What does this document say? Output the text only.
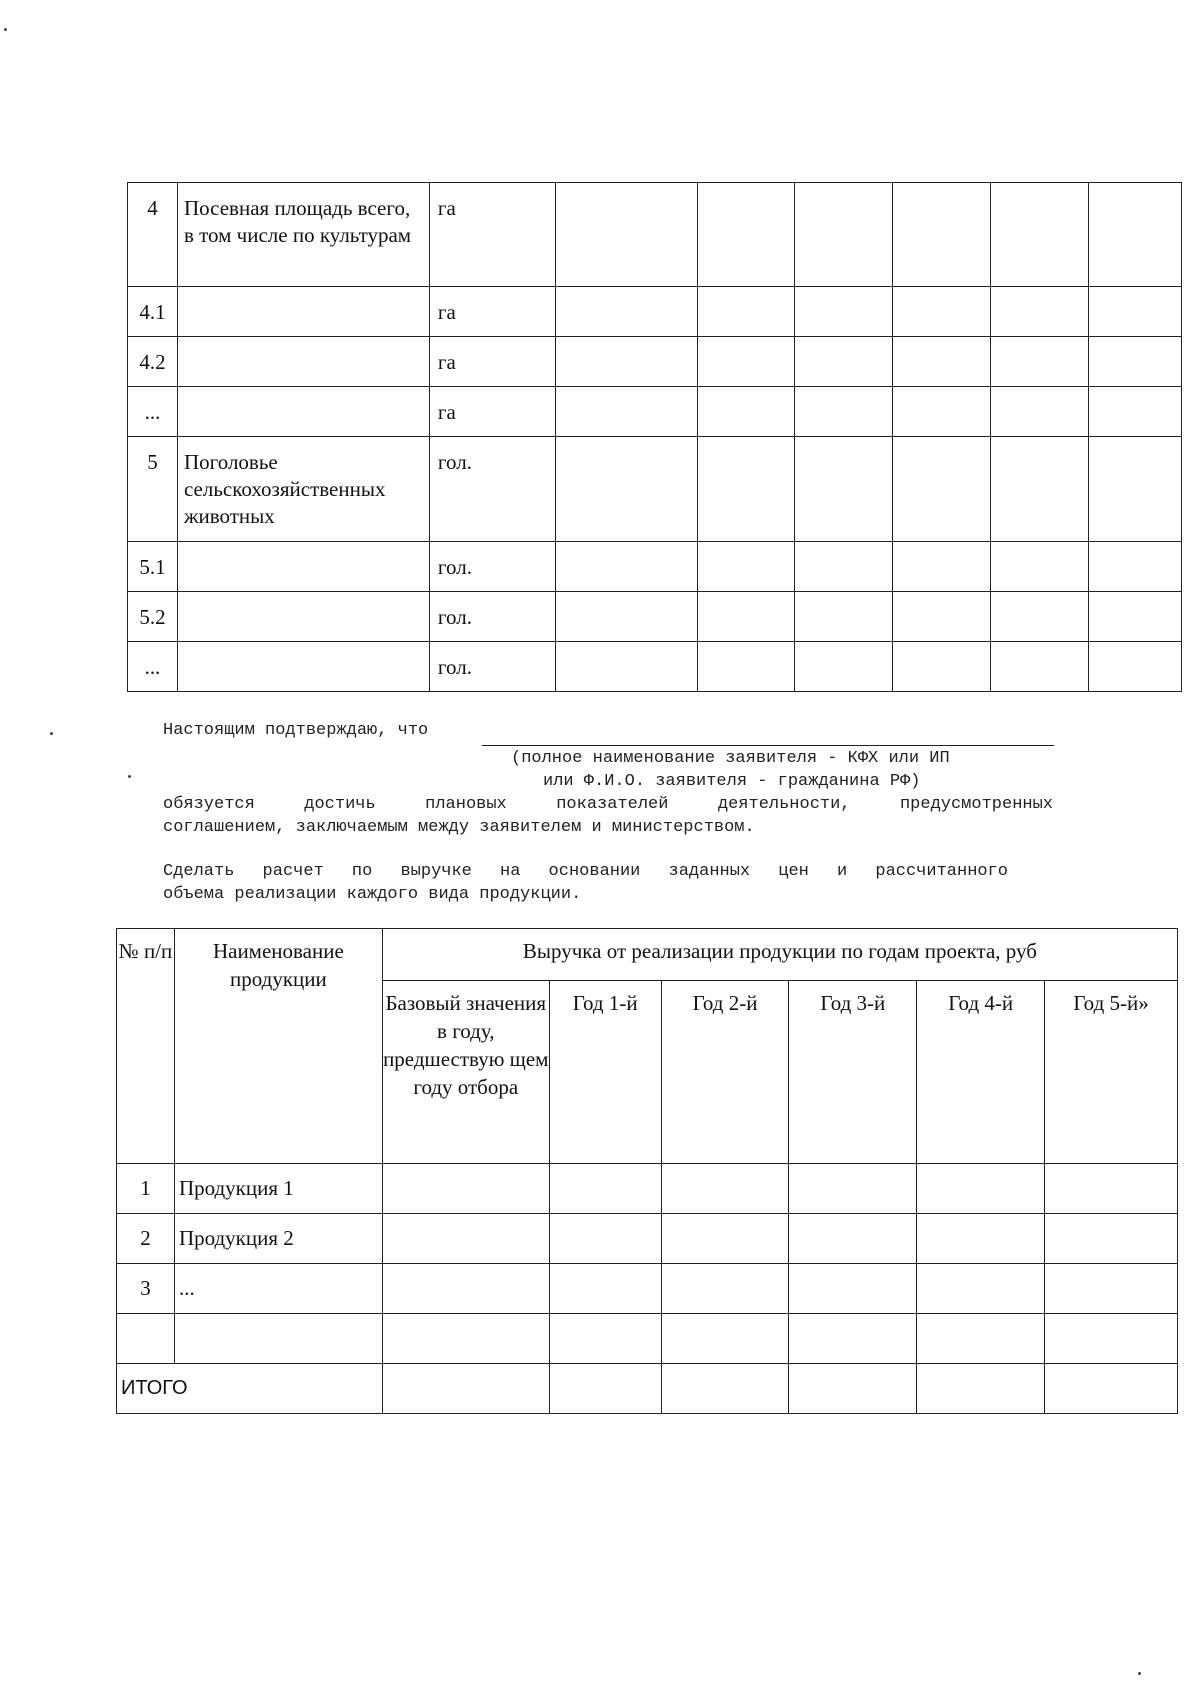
4	Посевная площадь всего, в том числе по культурам	га						
4.1		га						
4.2		га						
...		га						
5	Поголовье сельскохозяйственных животных	гол.						
5.1		гол.						
5.2		гол.						
...		гол.						
Настоящим подтверждаю, что
(полное наименование заявителя - КФХ или ИП
или Ф.И.О. заявителя - гражданина РФ)
обязуется достичь плановых показателей деятельности, предусмотренных
соглашением, заключаемым между заявителем и министерством.
Сделать расчет по выручке на основании заданных цен и рассчитанного
объема реализации каждого вида продукции.
№ п/п	Наименование продукции	Выручка от реализации продукции по годам проекта, руб					
		Базовый значения в году, предшествую щем году отбора	Год 1-й	Год 2-й	Год 3-й	Год 4-й	Год 5-й»
1	Продукция 1						
2	Продукция 2						
3	...						

ИТОГО							
